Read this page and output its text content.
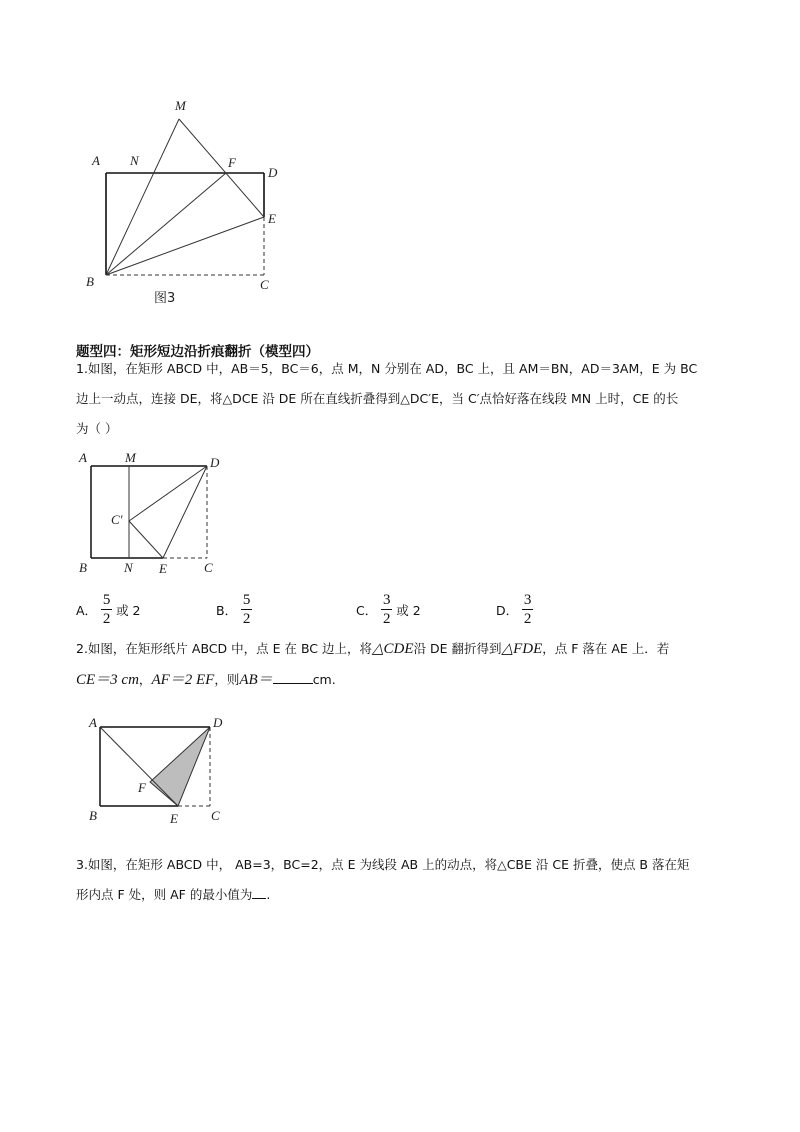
M
A N	F
D
E
B	C
图3
题型四：矩形短边沿折痕翻折（模型四）
1.如图，在矩形 ABCD 中，AB＝5，BC＝6，点 M，N 分别在 AD，BC 上，且 AM＝BN，AD＝3AM，E 为 BC
边上一动点，连接 DE，将△DCE 沿 DE 所在直线折叠得到△DC′E，当 C′点恰好落在线段 MN 上时，CE 的长
为（ ）
A	M	D
C′
B	N E	C
A． $\frac{5}{2}$ 或 2	B． $\frac{5}{2}$	C． $\frac{3}{2}$ 或 2	D． $\frac{3}{2}$
2.如图，在矩形纸片 ABCD 中，点 E 在 BC 边上，将△CDE沿 DE 翻折得到△FDE，点 F 落在 AE 上．若
CE＝3 cm，AF＝2 EF，则AB＝	cm.
A	D
F
B	E	C
3.如图，在矩形 ABCD 中， AB=3，BC=2，点 E 为线段 AB 上的动点，将△CBE 沿 CE 折叠，使点 B 落在矩
形内点 F 处，则 AF 的最小值为 .
